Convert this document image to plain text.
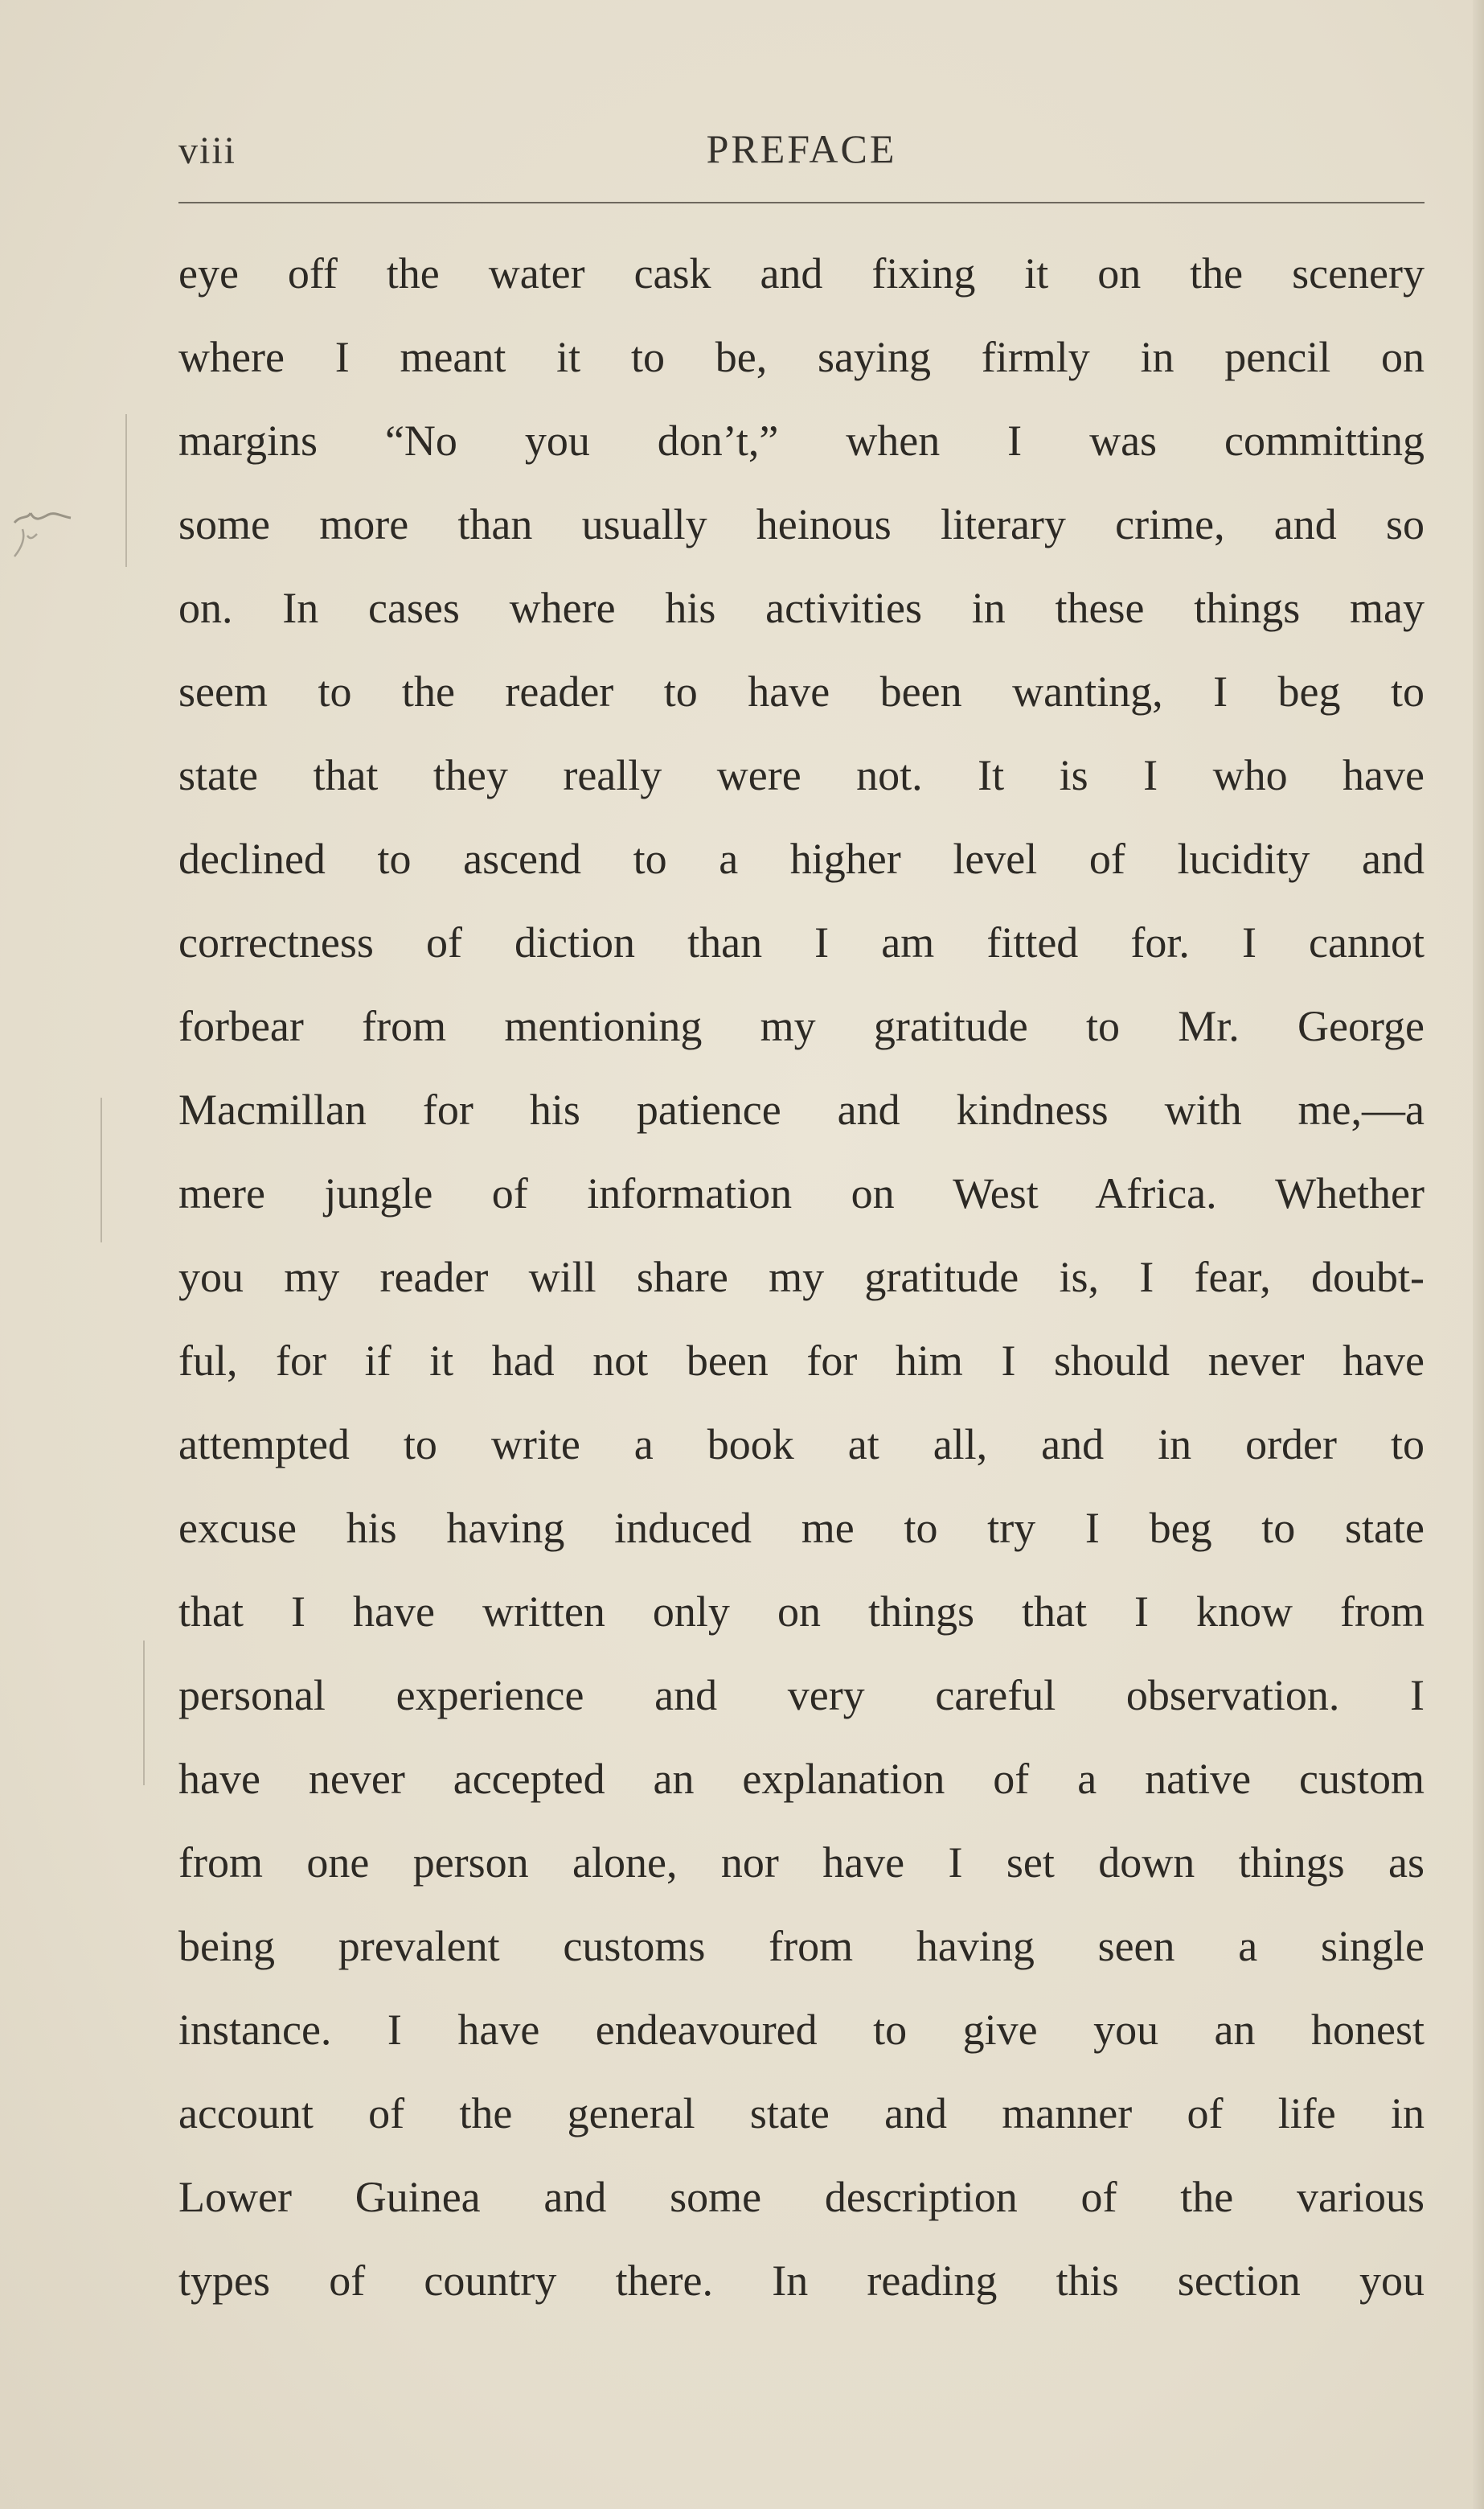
viii	PREFACE
eye off the water cask and fixing it on the scenery
where I meant it to be, saying firmly in pencil on
margins “No you don’t,” when I was committing
some more than usually heinous literary crime, and so
on. In cases where his activities in these things may
seem to the reader to have been wanting, I beg to
state that they really were not. It is I who have
declined to ascend to a higher level of lucidity and
correctness of diction than I am fitted for. I cannot
forbear from mentioning my gratitude to Mr. George
Macmillan for his patience and kindness with me,—a
mere jungle of information on West Africa. Whether
you my reader will share my gratitude is, I fear, doubt-
ful, for if it had not been for him I should never have
attempted to write a book at all, and in order to
excuse his having induced me to try I beg to state
that I have written only on things that I know from
personal experience and very careful observation. I
have never accepted an explanation of a native custom
from one person alone, nor have I set down things as
being prevalent customs from having seen a single
instance. I have endeavoured to give you an honest
account of the general state and manner of life in
Lower Guinea and some description of the various
types of country there. In reading this section you
